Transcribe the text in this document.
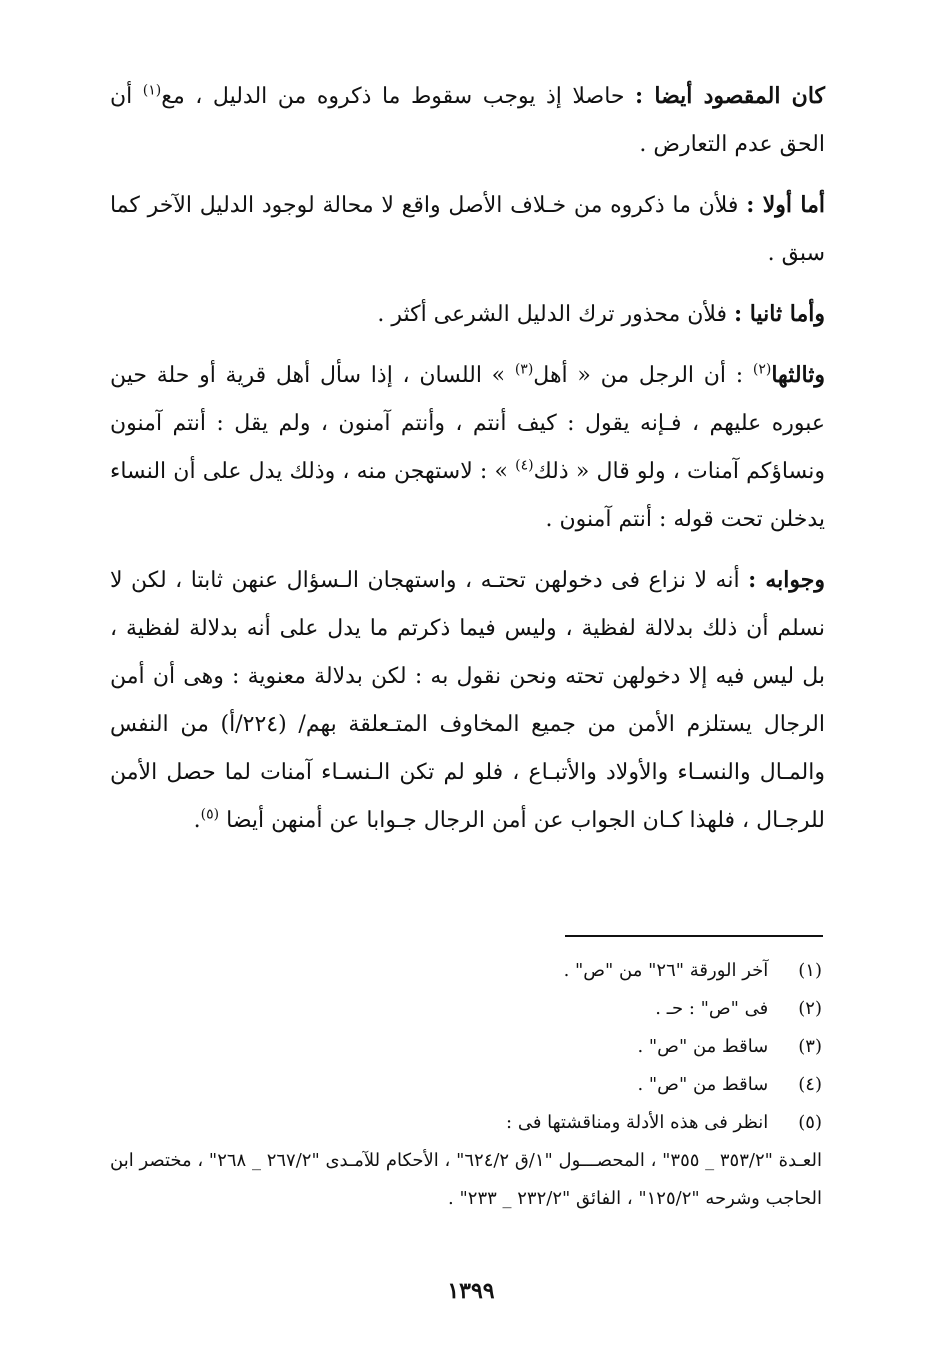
كان المقصود أيضا : حاصلا إذ يوجب سقوط ما ذكروه من الدليل ، مع$^{(١)}$ أن الحق عدم التعارض .

أما أولا : فلأن ما ذكروه من خـلاف الأصل واقع لا محالة لوجود الدليل الآخر كما سبق .

وأما ثانيا : فلأن محذور ترك الدليل الشرعى أكثر .

وثالثها$^{(٢)}$ : أن الرجل من « أهل$^{(٣)}$ » اللسان ، إذا سأل أهل قرية أو حلة حين عبوره عليهم ، فـإنه يقول : كيف أنتم ، وأنتم آمنون ، ولم يقل : أنتم آمنون ونساؤكم آمنات ، ولو قال « ذلك$^{(٤)}$ » : لاستهجن منه ، وذلك يدل على أن النساء يدخلن تحت قوله : أنتم آمنون .

وجوابه : أنه لا نزاع فى دخولهن تحتـه ، واستهجان الـسؤال عنهن ثابتا ، لكن لا نسلم أن ذلك بدلالة لفظية ، وليس فيما ذكرتم ما يدل على أنه بدلالة لفظية ، بل ليس فيه إلا دخولهن تحته ونحن نقول به : لكن بدلالة معنوية : وهى أن أمن الرجال يستلزم الأمن من جميع المخاوف المتـعلقة بهم/ (٢٢٤/أ) من النفس والمـال والنسـاء والأولاد والأتبـاع ، فلو لم تكن الـنسـاء آمنات لما حصل الأمن للرجـال ، فلهذا كـان الجواب عن أمن الرجال جـوابا عن أمنهن أيضا $^{(٥)}$.

(١) آخر الورقة "٢٦" من "ص" .

(٢) فى "ص" : حـ .

(٣) ساقط من "ص" .

(٤) ساقط من "ص" .

(٥) انظر فى هذه الأدلة ومناقشتها فى :

العـدة "٣٥٣/٢ _ ٣٥٥" ، المحصـــول "١/ق ٦٢٤/٢" ، الأحكام للآمـدى "٢٦٧/٢ _ ٢٦٨" ، مختصر ابن الحاجب وشرحه "١٢٥/٢" ، الفائق "٢٣٢/٢ _ ٢٣٣" .

١٣٩٩
